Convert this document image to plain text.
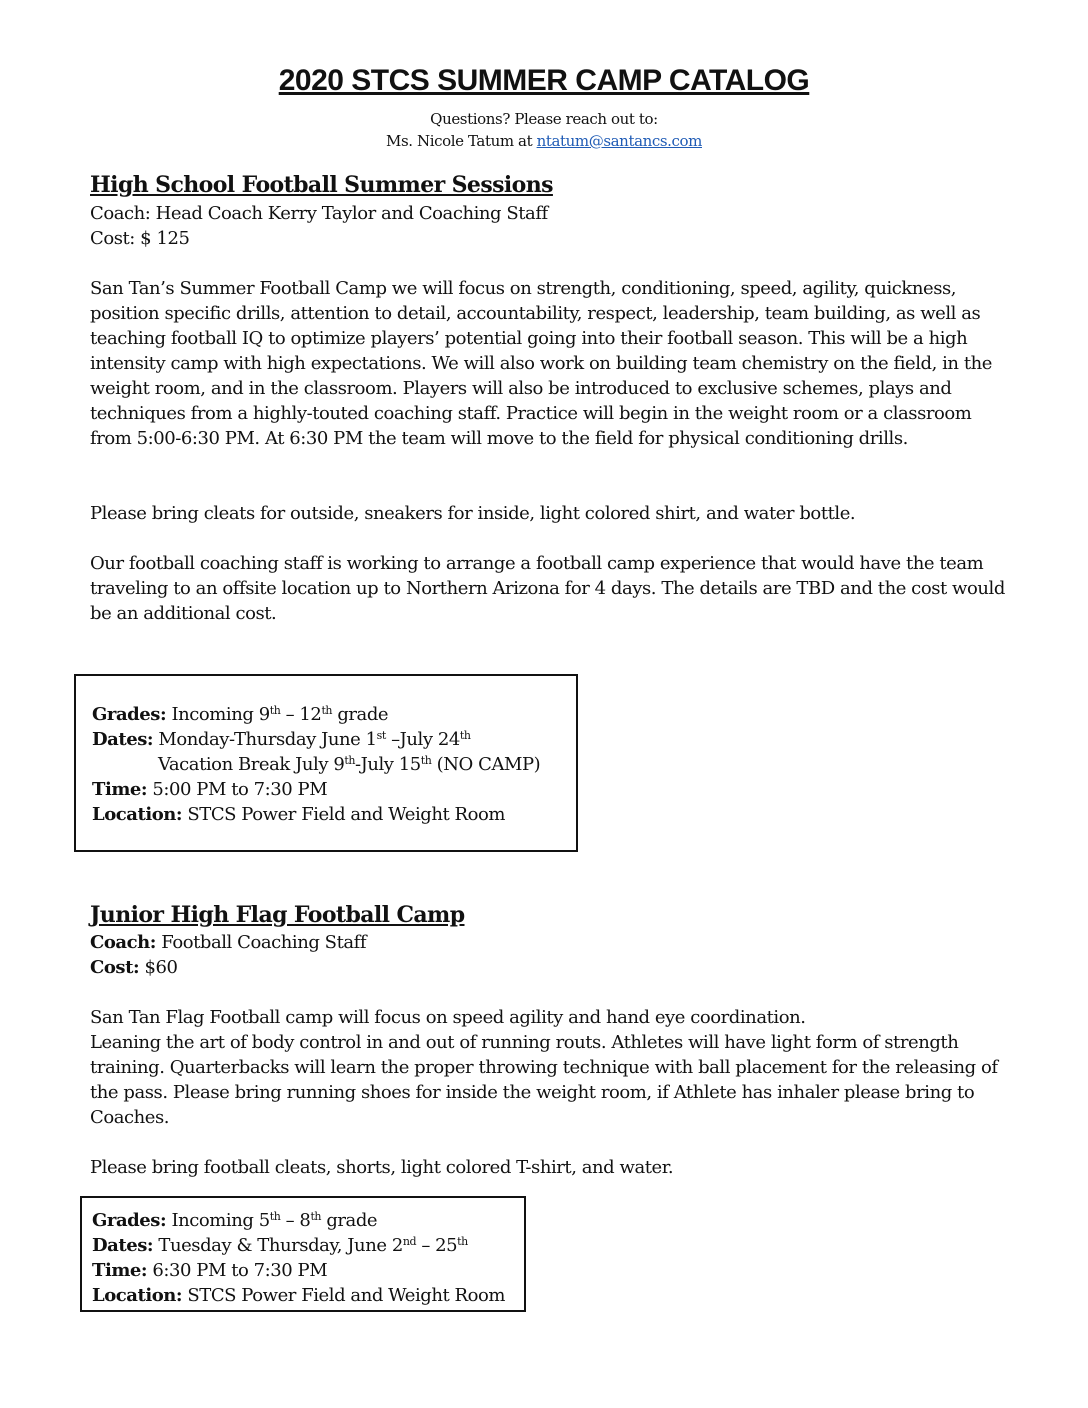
2020 STCS SUMMER CAMP CATALOG
Questions? Please reach out to:
Ms. Nicole Tatum at ntatum@santancs.com
High School Football Summer Sessions
Coach: Head Coach Kerry Taylor and Coaching Staff
Cost: $ 125

San Tan’s Summer Football Camp we will focus on strength, conditioning, speed, agility, quickness, position specific drills, attention to detail, accountability, respect, leadership, team building, as well as teaching football IQ to optimize players’ potential going into their football season. This will be a high intensity camp with high expectations. We will also work on building team chemistry on the field, in the weight room, and in the classroom. Players will also be introduced to exclusive schemes, plays and techniques from a highly-touted coaching staff. Practice will begin in the weight room or a classroom from 5:00-6:30 PM. At 6:30 PM the team will move to the field for physical conditioning drills.

Please bring cleats for outside, sneakers for inside, light colored shirt, and water bottle.

Our football coaching staff is working to arrange a football camp experience that would have the team traveling to an offsite location up to Northern Arizona for 4 days. The details are TBD and the cost would be an additional cost.

Grades: Incoming 9th – 12th grade
Dates: Monday-Thursday June 1st –July 24th
Vacation Break July 9th-July 15th (NO CAMP)
Time: 5:00 PM to 7:30 PM
Location: STCS Power Field and Weight Room
Junior High Flag Football Camp
Coach: Football Coaching Staff
Cost: $60

San Tan Flag Football camp will focus on speed agility and hand eye coordination.

Leaning the art of body control in and out of running routs. Athletes will have light form of strength training. Quarterbacks will learn the proper throwing technique with ball placement for the releasing of the pass. Please bring running shoes for inside the weight room, if Athlete has inhaler please bring to Coaches.

Please bring football cleats, shorts, light colored T-shirt, and water.

Grades: Incoming 5th – 8th grade
Dates: Tuesday & Thursday, June 2nd – 25th
Time: 6:30 PM to 7:30 PM
Location: STCS Power Field and Weight Room
